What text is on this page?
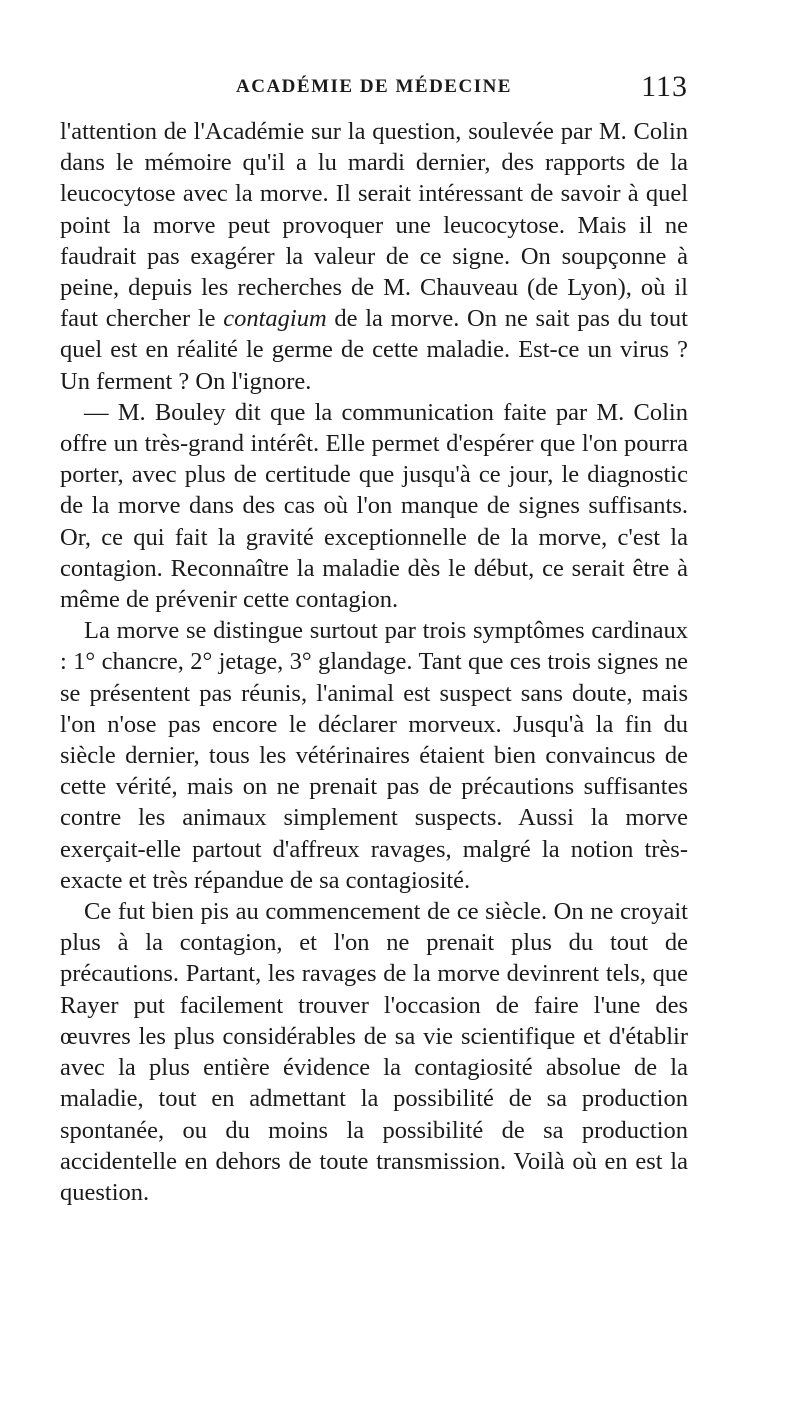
ACADÉMIE DE MÉDECINE	113

l'attention de l'Académie sur la question, soulevée par M. Colin dans le mémoire qu'il a lu mardi dernier, des rapports de la leucocytose avec la morve. Il serait intéressant de savoir à quel point la morve peut provoquer une leucocytose. Mais il ne faudrait pas exagérer la valeur de ce signe. On soupçonne à peine, depuis les recherches de M. Chauveau (de Lyon), où il faut chercher le contagium de la morve. On ne sait pas du tout quel est en réalité le germe de cette maladie. Est-ce un virus ? Un ferment ? On l'ignore.

— M. Bouley dit que la communication faite par M. Colin offre un très-grand intérêt. Elle permet d'espérer que l'on pourra porter, avec plus de certitude que jusqu'à ce jour, le diagnostic de la morve dans des cas où l'on manque de signes suffisants. Or, ce qui fait la gravité exceptionnelle de la morve, c'est la contagion. Reconnaître la maladie dès le début, ce serait être à même de prévenir cette contagion.

La morve se distingue surtout par trois symptômes cardinaux : 1° chancre, 2° jetage, 3° glandage. Tant que ces trois signes ne se présentent pas réunis, l'animal est suspect sans doute, mais l'on n'ose pas encore le déclarer morveux. Jusqu'à la fin du siècle dernier, tous les vétérinaires étaient bien convaincus de cette vérité, mais on ne prenait pas de précautions suffisantes contre les animaux simplement suspects. Aussi la morve exerçait-elle partout d'affreux ravages, malgré la notion très-exacte et très répandue de sa contagiosité.

Ce fut bien pis au commencement de ce siècle. On ne croyait plus à la contagion, et l'on ne prenait plus du tout de précautions. Partant, les ravages de la morve devinrent tels, que Rayer put facilement trouver l'occasion de faire l'une des œuvres les plus considérables de sa vie scientifique et d'établir avec la plus entière évidence la contagiosité absolue de la maladie, tout en admettant la possibilité de sa production spontanée, ou du moins la possibilité de sa production accidentelle en dehors de toute transmission. Voilà où en est la question.
